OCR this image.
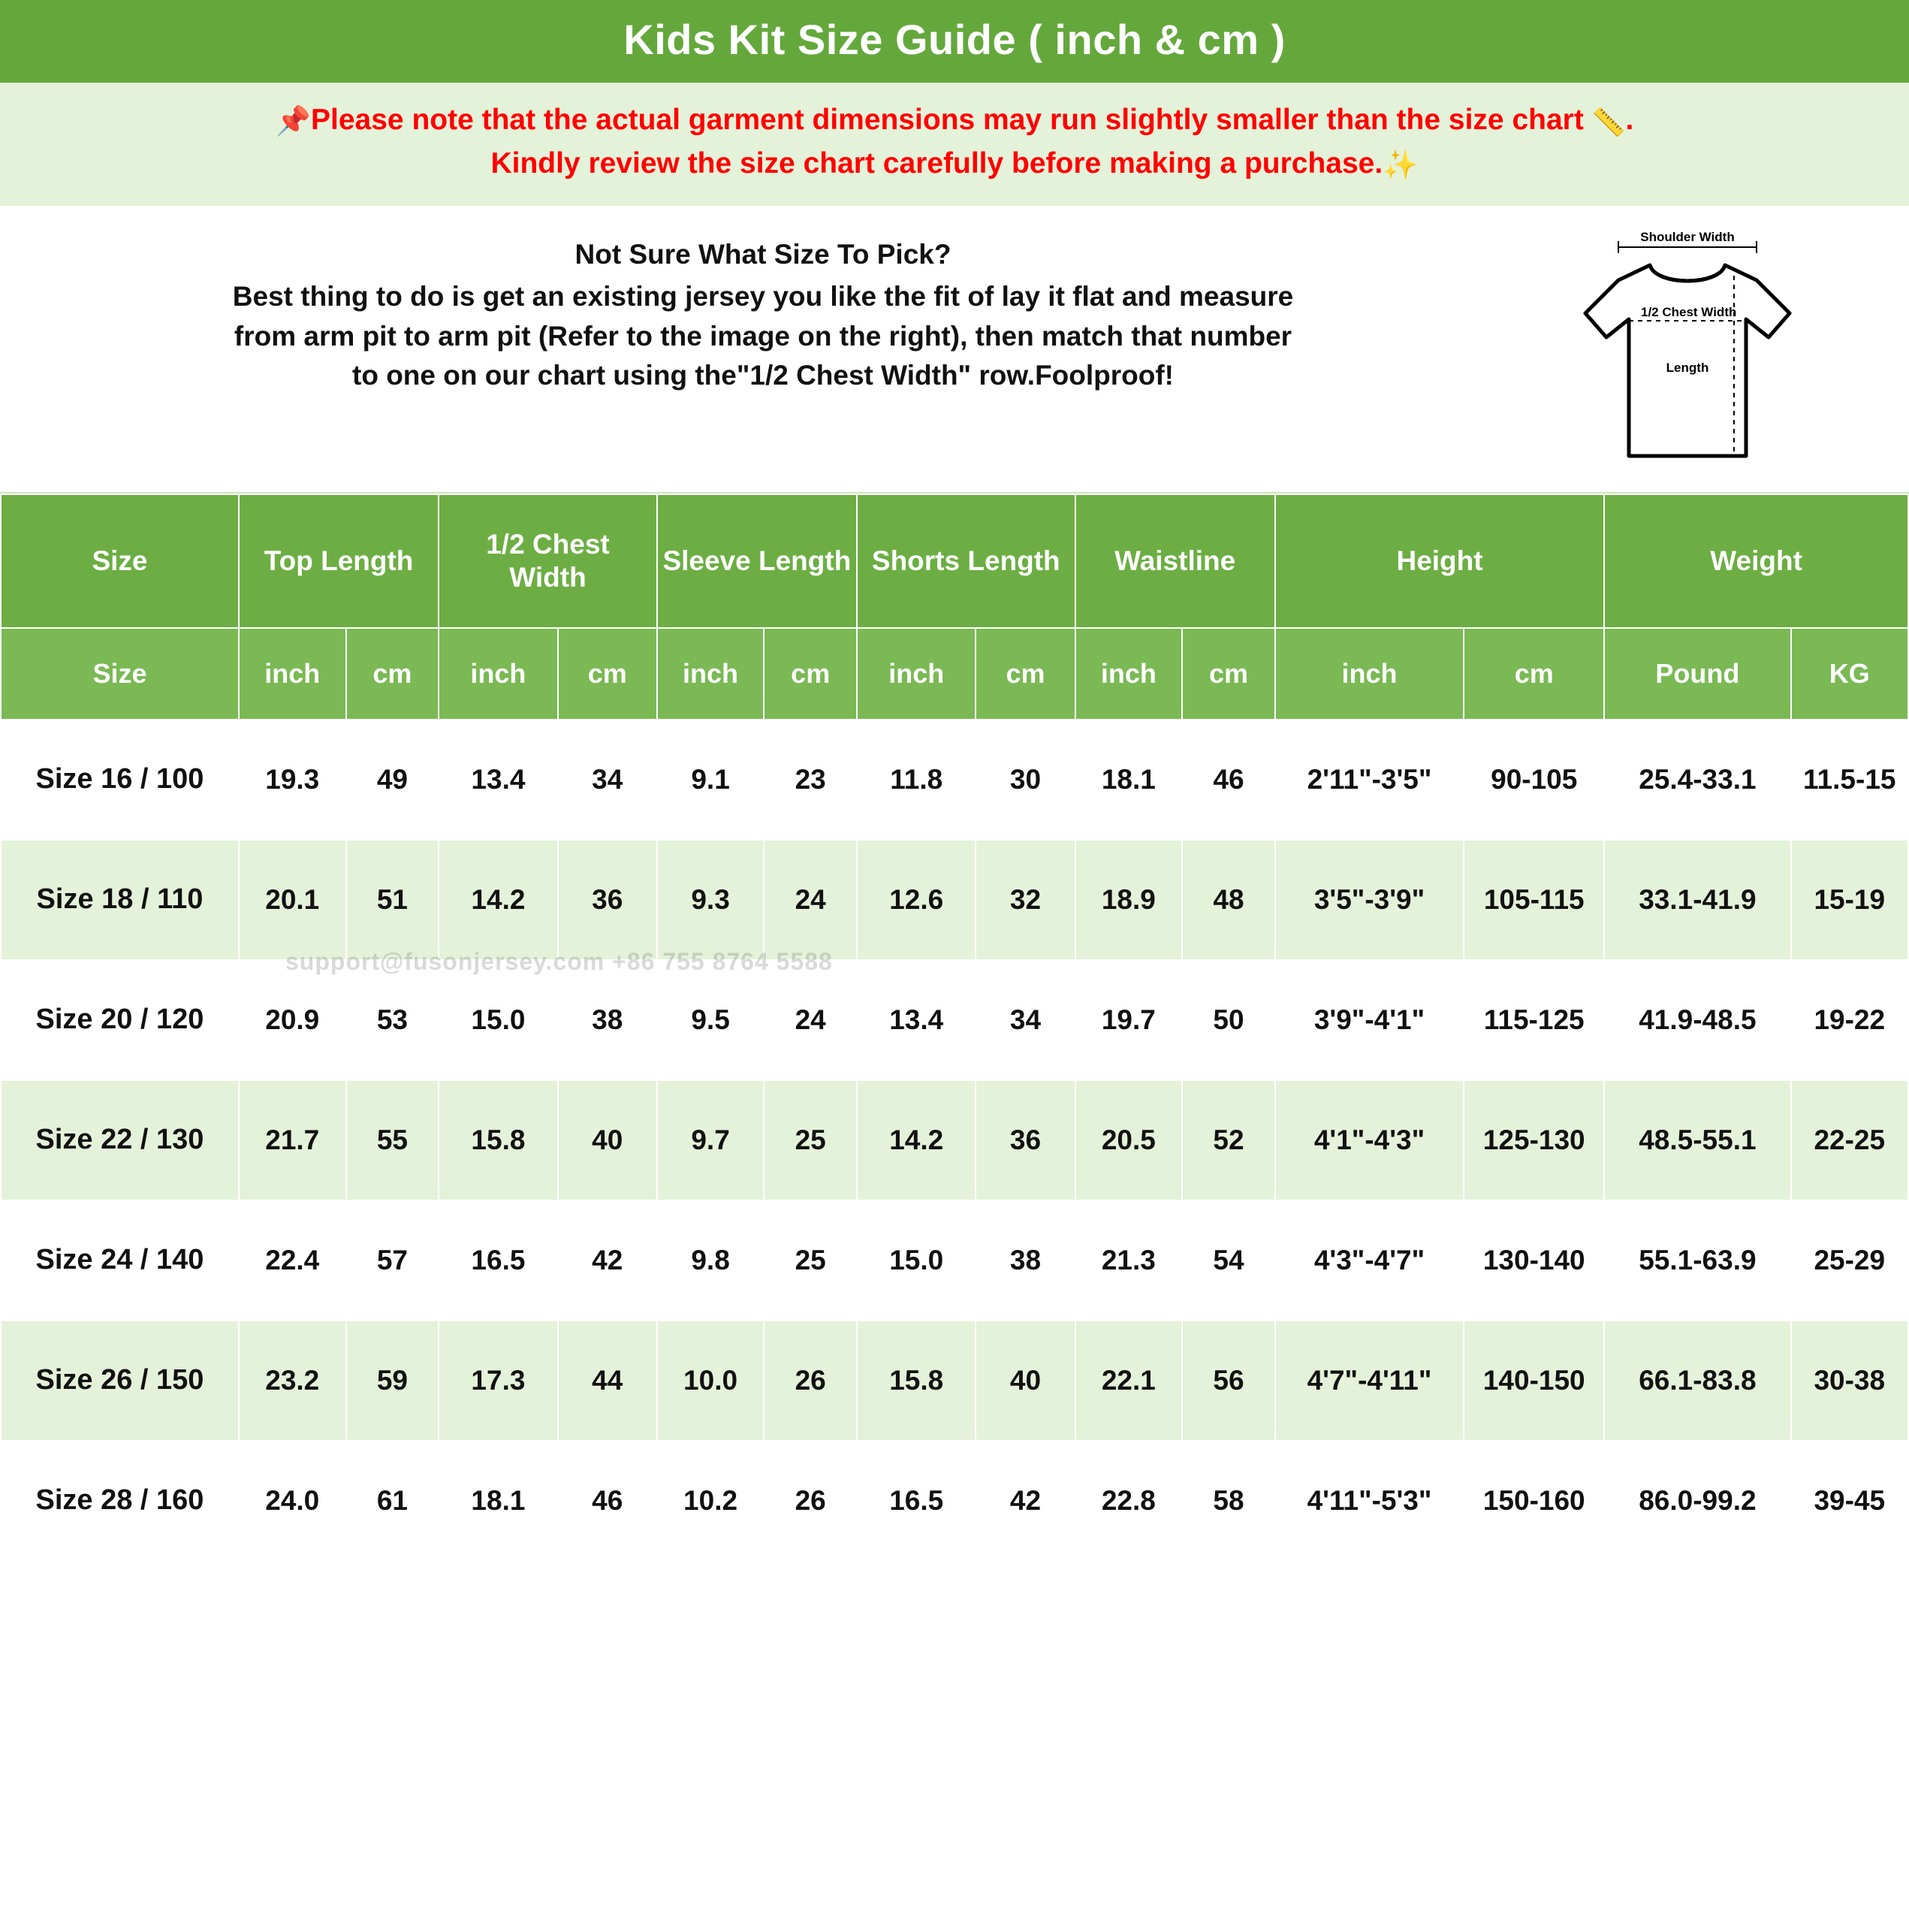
Kids Kit Size Guide ( inch & cm )
📌Please note that the actual garment dimensions may run slightly smaller than the size chart 📏.
Kindly review the size chart carefully before making a purchase.✨
Not Sure What Size To Pick?
Best thing to do is get an existing jersey you like the fit of lay it flat and measure
from arm pit to arm pit (Refer to the image on the right), then match that number
to one on our chart using the"1/2 Chest Width" row.Foolproof!
Shoulder Width
1/2 Chest Width
Length
Size	Top Length		1/2 Chest Width		Sleeve Length		Shorts Length		Waistline		Height		Weight	
Size	inch	cm	inch	cm	inch	cm	inch	cm	inch	cm	inch	cm	Pound	KG
Size 16 / 100	19.3	49	13.4	34	9.1	23	11.8	30	18.1	46	2'11"-3'5"	90-105	25.4-33.1	11.5-15
Size 18 / 110	20.1	51	14.2	36	9.3	24	12.6	32	18.9	48	3'5"-3'9"	105-115	33.1-41.9	15-19
Size 20 / 120	20.9	53	15.0	38	9.5	24	13.4	34	19.7	50	3'9"-4'1"	115-125	41.9-48.5	19-22
Size 22 / 130	21.7	55	15.8	40	9.7	25	14.2	36	20.5	52	4'1"-4'3"	125-130	48.5-55.1	22-25
Size 24 / 140	22.4	57	16.5	42	9.8	25	15.0	38	21.3	54	4'3"-4'7"	130-140	55.1-63.9	25-29
Size 26 / 150	23.2	59	17.3	44	10.0	26	15.8	40	22.1	56	4'7"-4'11"	140-150	66.1-83.8	30-38
Size 28 / 160	24.0	61	18.1	46	10.2	26	16.5	42	22.8	58	4'11"-5'3"	150-160	86.0-99.2	39-45
support@fusonjersey.com +86 755 8764 5588
